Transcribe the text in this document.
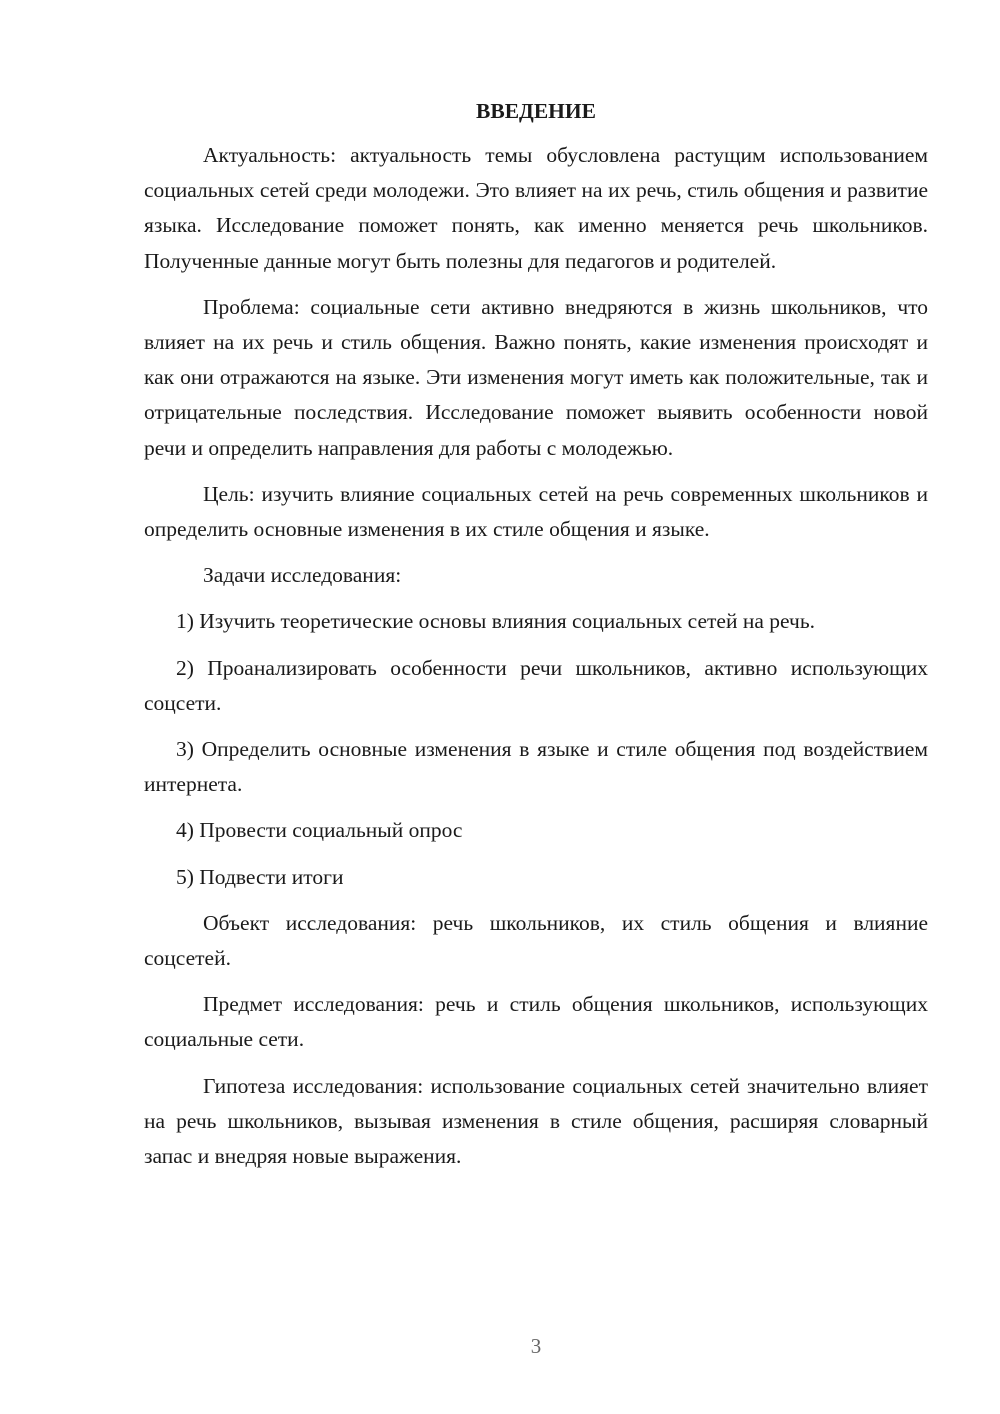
ВВЕДЕНИЕ

Актуальность: актуальность темы обусловлена растущим использованием социальных сетей среди молодежи. Это влияет на их речь, стиль общения и развитие языка. Исследование поможет понять, как именно меняется речь школьников. Полученные данные могут быть полезны для педагогов и родителей.

Проблема: социальные сети активно внедряются в жизнь школьников, что влияет на их речь и стиль общения. Важно понять, какие изменения происходят и как они отражаются на языке. Эти изменения могут иметь как положительные, так и отрицательные последствия. Исследование поможет выявить особенности новой речи и определить направления для работы с молодежью.

Цель: изучить влияние социальных сетей на речь современных школьников и определить основные изменения в их стиле общения и языке.

Задачи исследования:

1) Изучить теоретические основы влияния социальных сетей на речь.

2) Проанализировать особенности речи школьников, активно использующих соцсети.

3) Определить основные изменения в языке и стиле общения под воздействием интернета.

4) Провести социальный опрос

5) Подвести итоги

Объект исследования: речь школьников, их стиль общения и влияние соцсетей.

Предмет исследования: речь и стиль общения школьников, использующих социальные сети.

Гипотеза исследования: использование социальных сетей значительно влияет на речь школьников, вызывая изменения в стиле общения, расширяя словарный запас и внедряя новые выражения.

3
